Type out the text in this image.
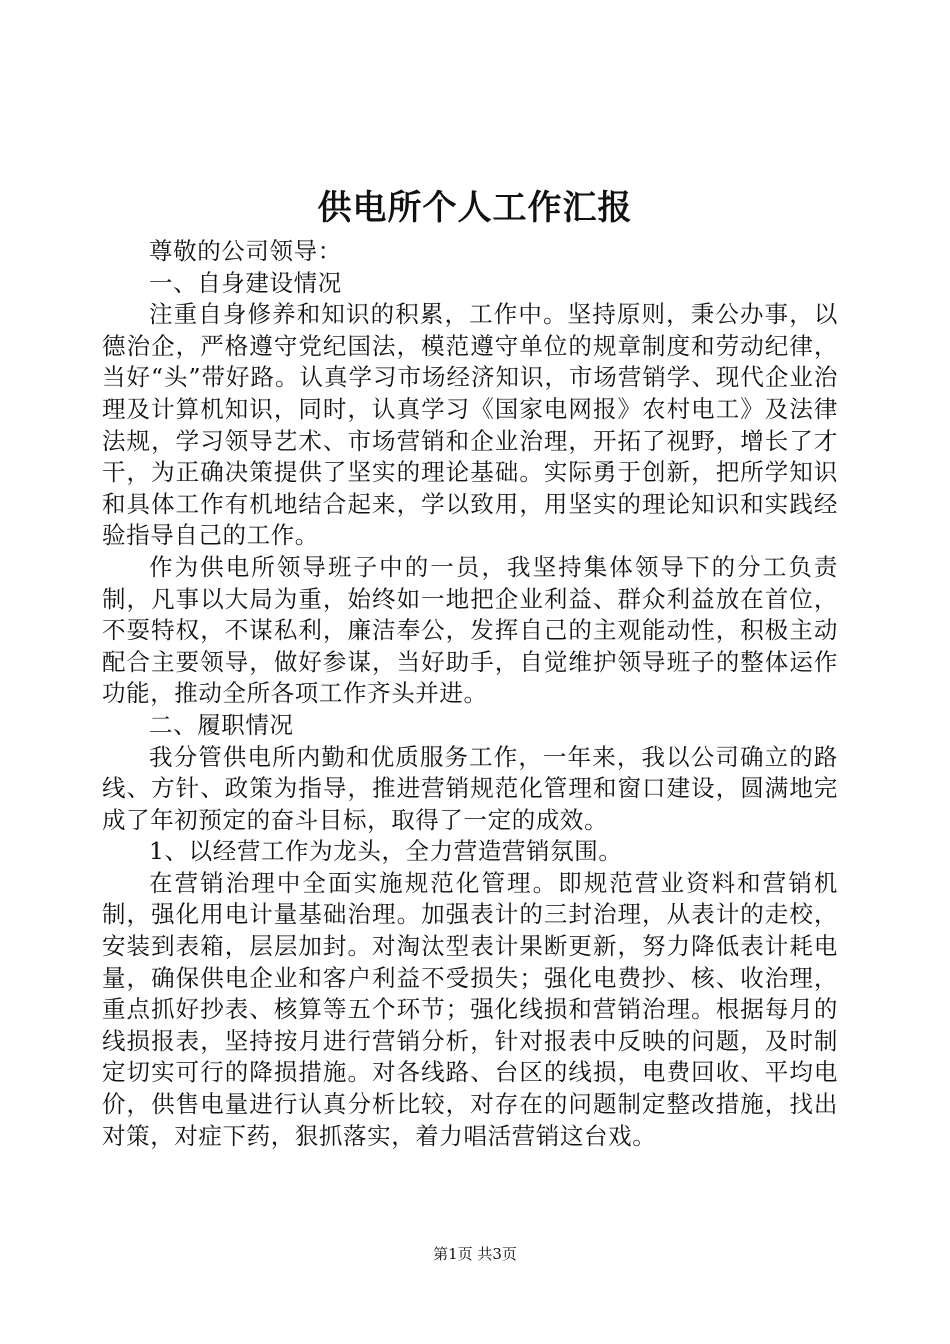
供电所个人工作汇报

尊敬的公司领导：

一、自身建设情况

注重自身修养和知识的积累，工作中。坚持原则，秉公办事，以德治企，严格遵守党纪国法，模范遵守单位的规章制度和劳动纪律，当好“头”带好路。认真学习市场经济知识，市场营销学、现代企业治理及计算机知识，同时，认真学习《国家电网报》农村电工》及法律法规，学习领导艺术、市场营销和企业治理，开拓了视野，增长了才干，为正确决策提供了坚实的理论基础。实际勇于创新，把所学知识和具体工作有机地结合起来，学以致用，用坚实的理论知识和实践经验指导自己的工作。

作为供电所领导班子中的一员，我坚持集体领导下的分工负责制，凡事以大局为重，始终如一地把企业利益、群众利益放在首位，不耍特权，不谋私利，廉洁奉公，发挥自己的主观能动性，积极主动配合主要领导，做好参谋，当好助手，自觉维护领导班子的整体运作功能，推动全所各项工作齐头并进。

二、履职情况

我分管供电所内勤和优质服务工作，一年来，我以公司确立的路线、方针、政策为指导，推进营销规范化管理和窗口建设，圆满地完成了年初预定的奋斗目标，取得了一定的成效。

1、以经营工作为龙头，全力营造营销氛围。

在营销治理中全面实施规范化管理。即规范营业资料和营销机制，强化用电计量基础治理。加强表计的三封治理，从表计的走校，安装到表箱，层层加封。对淘汰型表计果断更新，努力降低表计耗电量，确保供电企业和客户利益不受损失；强化电费抄、核、收治理，重点抓好抄表、核算等五个环节；强化线损和营销治理。根据每月的线损报表，坚持按月进行营销分析，针对报表中反映的问题，及时制定切实可行的降损措施。对各线路、台区的线损，电费回收、平均电价，供售电量进行认真分析比较，对存在的问题制定整改措施，找出对策，对症下药，狠抓落实，着力唱活营销这台戏。

第1页 共3页
